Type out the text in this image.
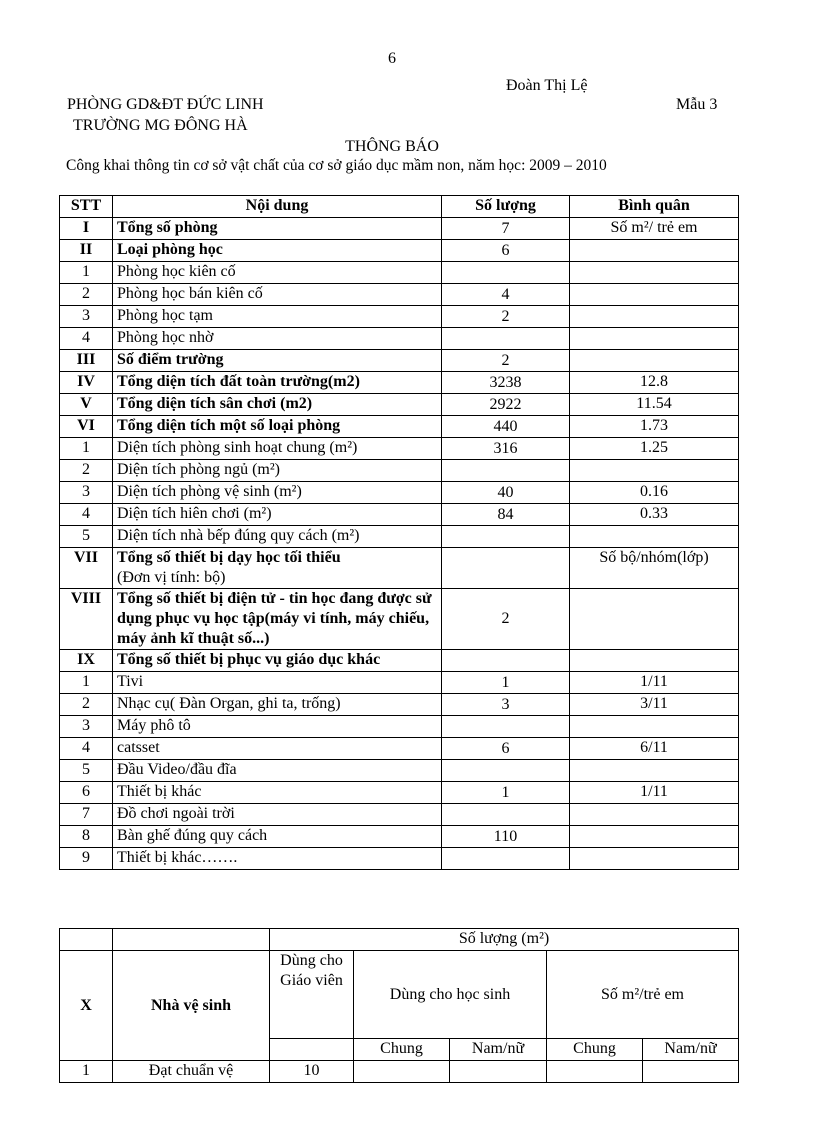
6
Đoàn Thị Lệ
PHÒNG GD&ĐT ĐỨC LINH	Mẫu 3
TRƯỜNG MG ĐÔNG HÀ
THÔNG BÁO
Công khai thông tin cơ sở vật chất của cơ sở giáo dục mầm non, năm học: 2009 – 2010
STT	Nội dung	Số lượng	Bình quân
I	Tổng số phòng	7	Số m²/ trẻ em
II	Loại phòng học	6	
1	Phòng học kiên cố		
2	Phòng học bán kiên cố	4	
3	Phòng học tạm	2	
4	Phòng học nhờ		
III	Số điểm trường	2	
IV	Tổng diện tích đất toàn trường(m2)	3238	12.8
V	Tổng diện tích sân chơi (m2)	2922	11.54
VI	Tổng diện tích một số loại phòng	440	1.73
1	Diện tích phòng sinh hoạt chung (m²)	316	1.25
2	Diện tích phòng ngủ (m²)		
3	Diện tích phòng vệ sinh (m²)	40	0.16
4	Diện tích hiên chơi (m²)	84	0.33
5	Diện tích nhà bếp đúng quy cách (m²)		
VII	Tổng số thiết bị dạy học tối thiểu
(Đơn vị tính: bộ)		Số bộ/nhóm(lớp)
VIII	Tổng số thiết bị điện tử - tin học đang được sử dụng phục vụ học tập(máy vi tính, máy chiếu, máy ảnh kĩ thuật số...)	2	
IX	Tổng số thiết bị phục vụ giáo dục khác		
1	Tivi	1	1/11
2	Nhạc cụ( Đàn Organ, ghi ta, trống)	3	3/11
3	Máy phô tô		
4	catsset	6	6/11
5	Đầu Video/đầu đĩa		
6	Thiết bị khác	1	1/11
7	Đồ chơi ngoài trời		
8	Bàn ghế đúng quy cách	110	
9	Thiết bị khác…….		
		Số lượng (m²)				
X	Nhà vệ sinh	Dùng cho Giáo viên	Dùng cho học sinh		Số m²/trẻ em	
			Chung	Nam/nữ	Chung	Nam/nữ
1	Đạt chuẩn vệ	10				
